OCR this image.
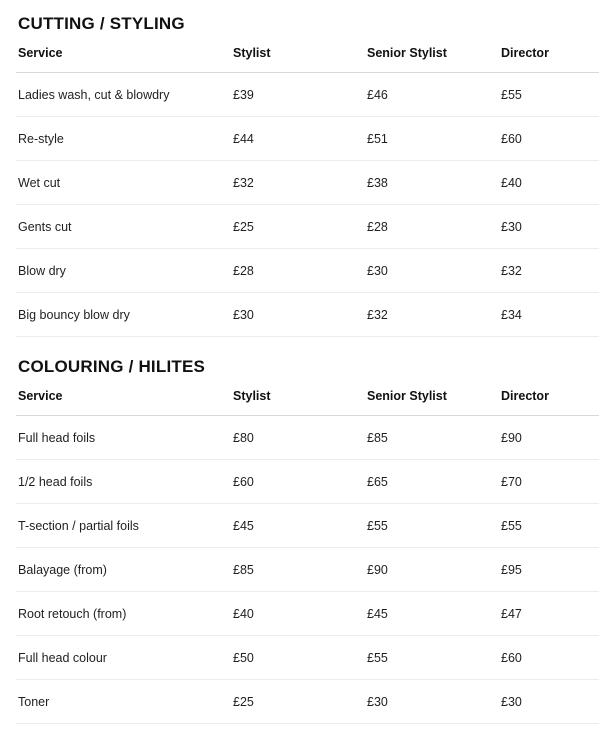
CUTTING / STYLING
Service	Stylist	Senior Stylist	Director
Ladies wash, cut & blowdry	£39	£46	£55
Re-style	£44	£51	£60
Wet cut	£32	£38	£40
Gents cut	£25	£28	£30
Blow dry	£28	£30	£32
Big bouncy blow dry	£30	£32	£34
COLOURING / HILITES
Service	Stylist	Senior Stylist	Director
Full head foils	£80	£85	£90
1/2 head foils	£60	£65	£70
T-section / partial foils	£45	£55	£55
Balayage (from)	£85	£90	£95
Root retouch (from)	£40	£45	£47
Full head colour	£50	£55	£60
Toner	£25	£30	£30
